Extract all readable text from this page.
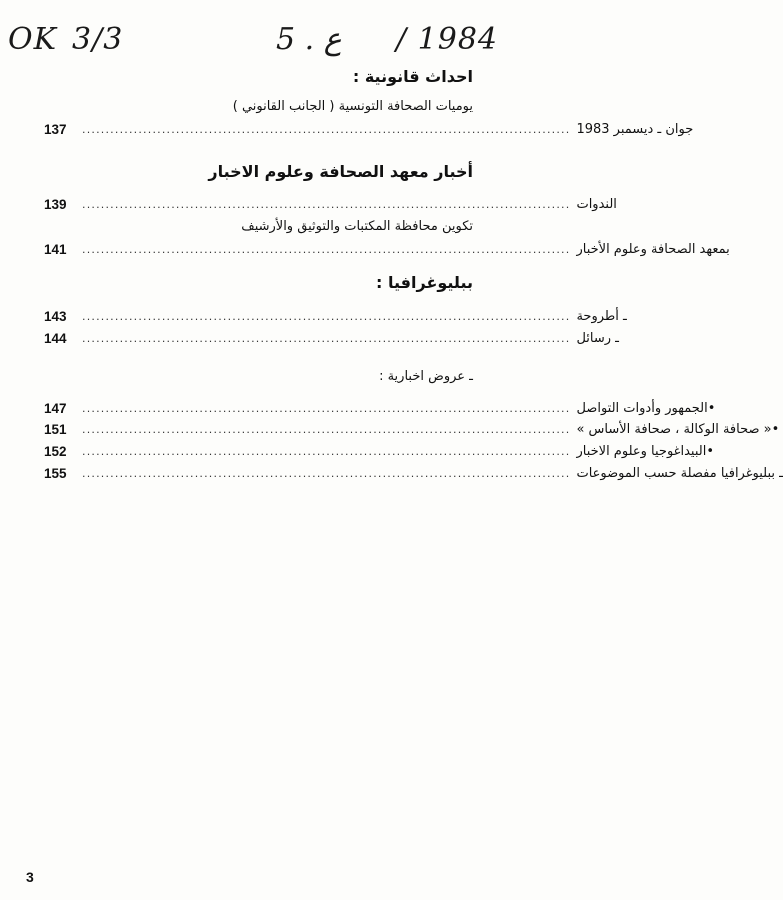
OK 3/3	5 . ع / 1984
احداث قانونية :
يوميات الصحافة التونسية ( الجانب القانوني )
137	........................................................................................................ جوان ـ ديسمبر 1983
أخبار معهد الصحافة وعلوم الاخبار
139	........................................................................................................ الندوات
تكوين محافظة المكتبات والتوثيق والأرشيف
141	........................................................................................................ بمعهد الصحافة وعلوم الأخبار
ببليوغرافيا :
143	........................................................................................................ ـ أطروحة
144	........................................................................................................ ـ رسائل
ـ عروض اخبارية :
147	........................................................................................................ •الجمهور وأدوات التواصل
151	........................................................................................................ •« صحافة الوكالة ، صحافة الأساس »
152	........................................................................................................ •البيداغوجيا وعلوم الاخبار
155	........................................................................................................ ـ ببليوغرافيا مفصلة حسب الموضوعات
3
